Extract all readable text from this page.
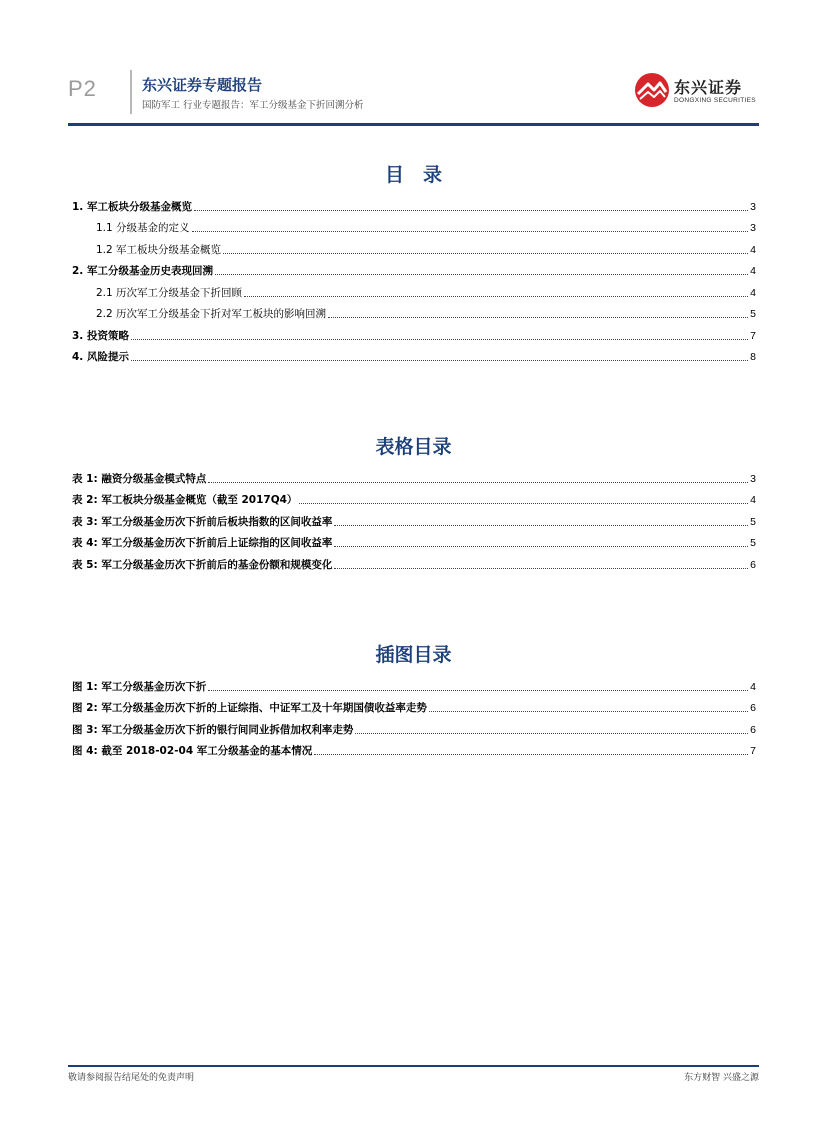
P2	东兴证券专题报告
国防军工 行业专题报告：军工分级基金下折回溯分析
东兴证券
DONGXING SECURITIES
目　录
1. 军工板块分级基金概览	3
1.1 分级基金的定义	3
1.2 军工板块分级基金概览	4
2. 军工分级基金历史表现回溯	4
2.1 历次军工分级基金下折回顾	4
2.2 历次军工分级基金下折对军工板块的影响回溯	5
3. 投资策略	7
4. 风险提示	8
表格目录
表 1: 融资分级基金模式特点	3
表 2: 军工板块分级基金概览（截至 2017Q4）	4
表 3: 军工分级基金历次下折前后板块指数的区间收益率	5
表 4: 军工分级基金历次下折前后上证综指的区间收益率	5
表 5: 军工分级基金历次下折前后的基金份额和规模变化	6
插图目录
图 1: 军工分级基金历次下折	4
图 2: 军工分级基金历次下折的上证综指、中证军工及十年期国债收益率走势	6
图 3: 军工分级基金历次下折的银行间同业拆借加权利率走势	6
图 4: 截至 2018-02-04 军工分级基金的基本情况	7
敬请参阅报告结尾处的免责声明	东方财智 兴盛之源
